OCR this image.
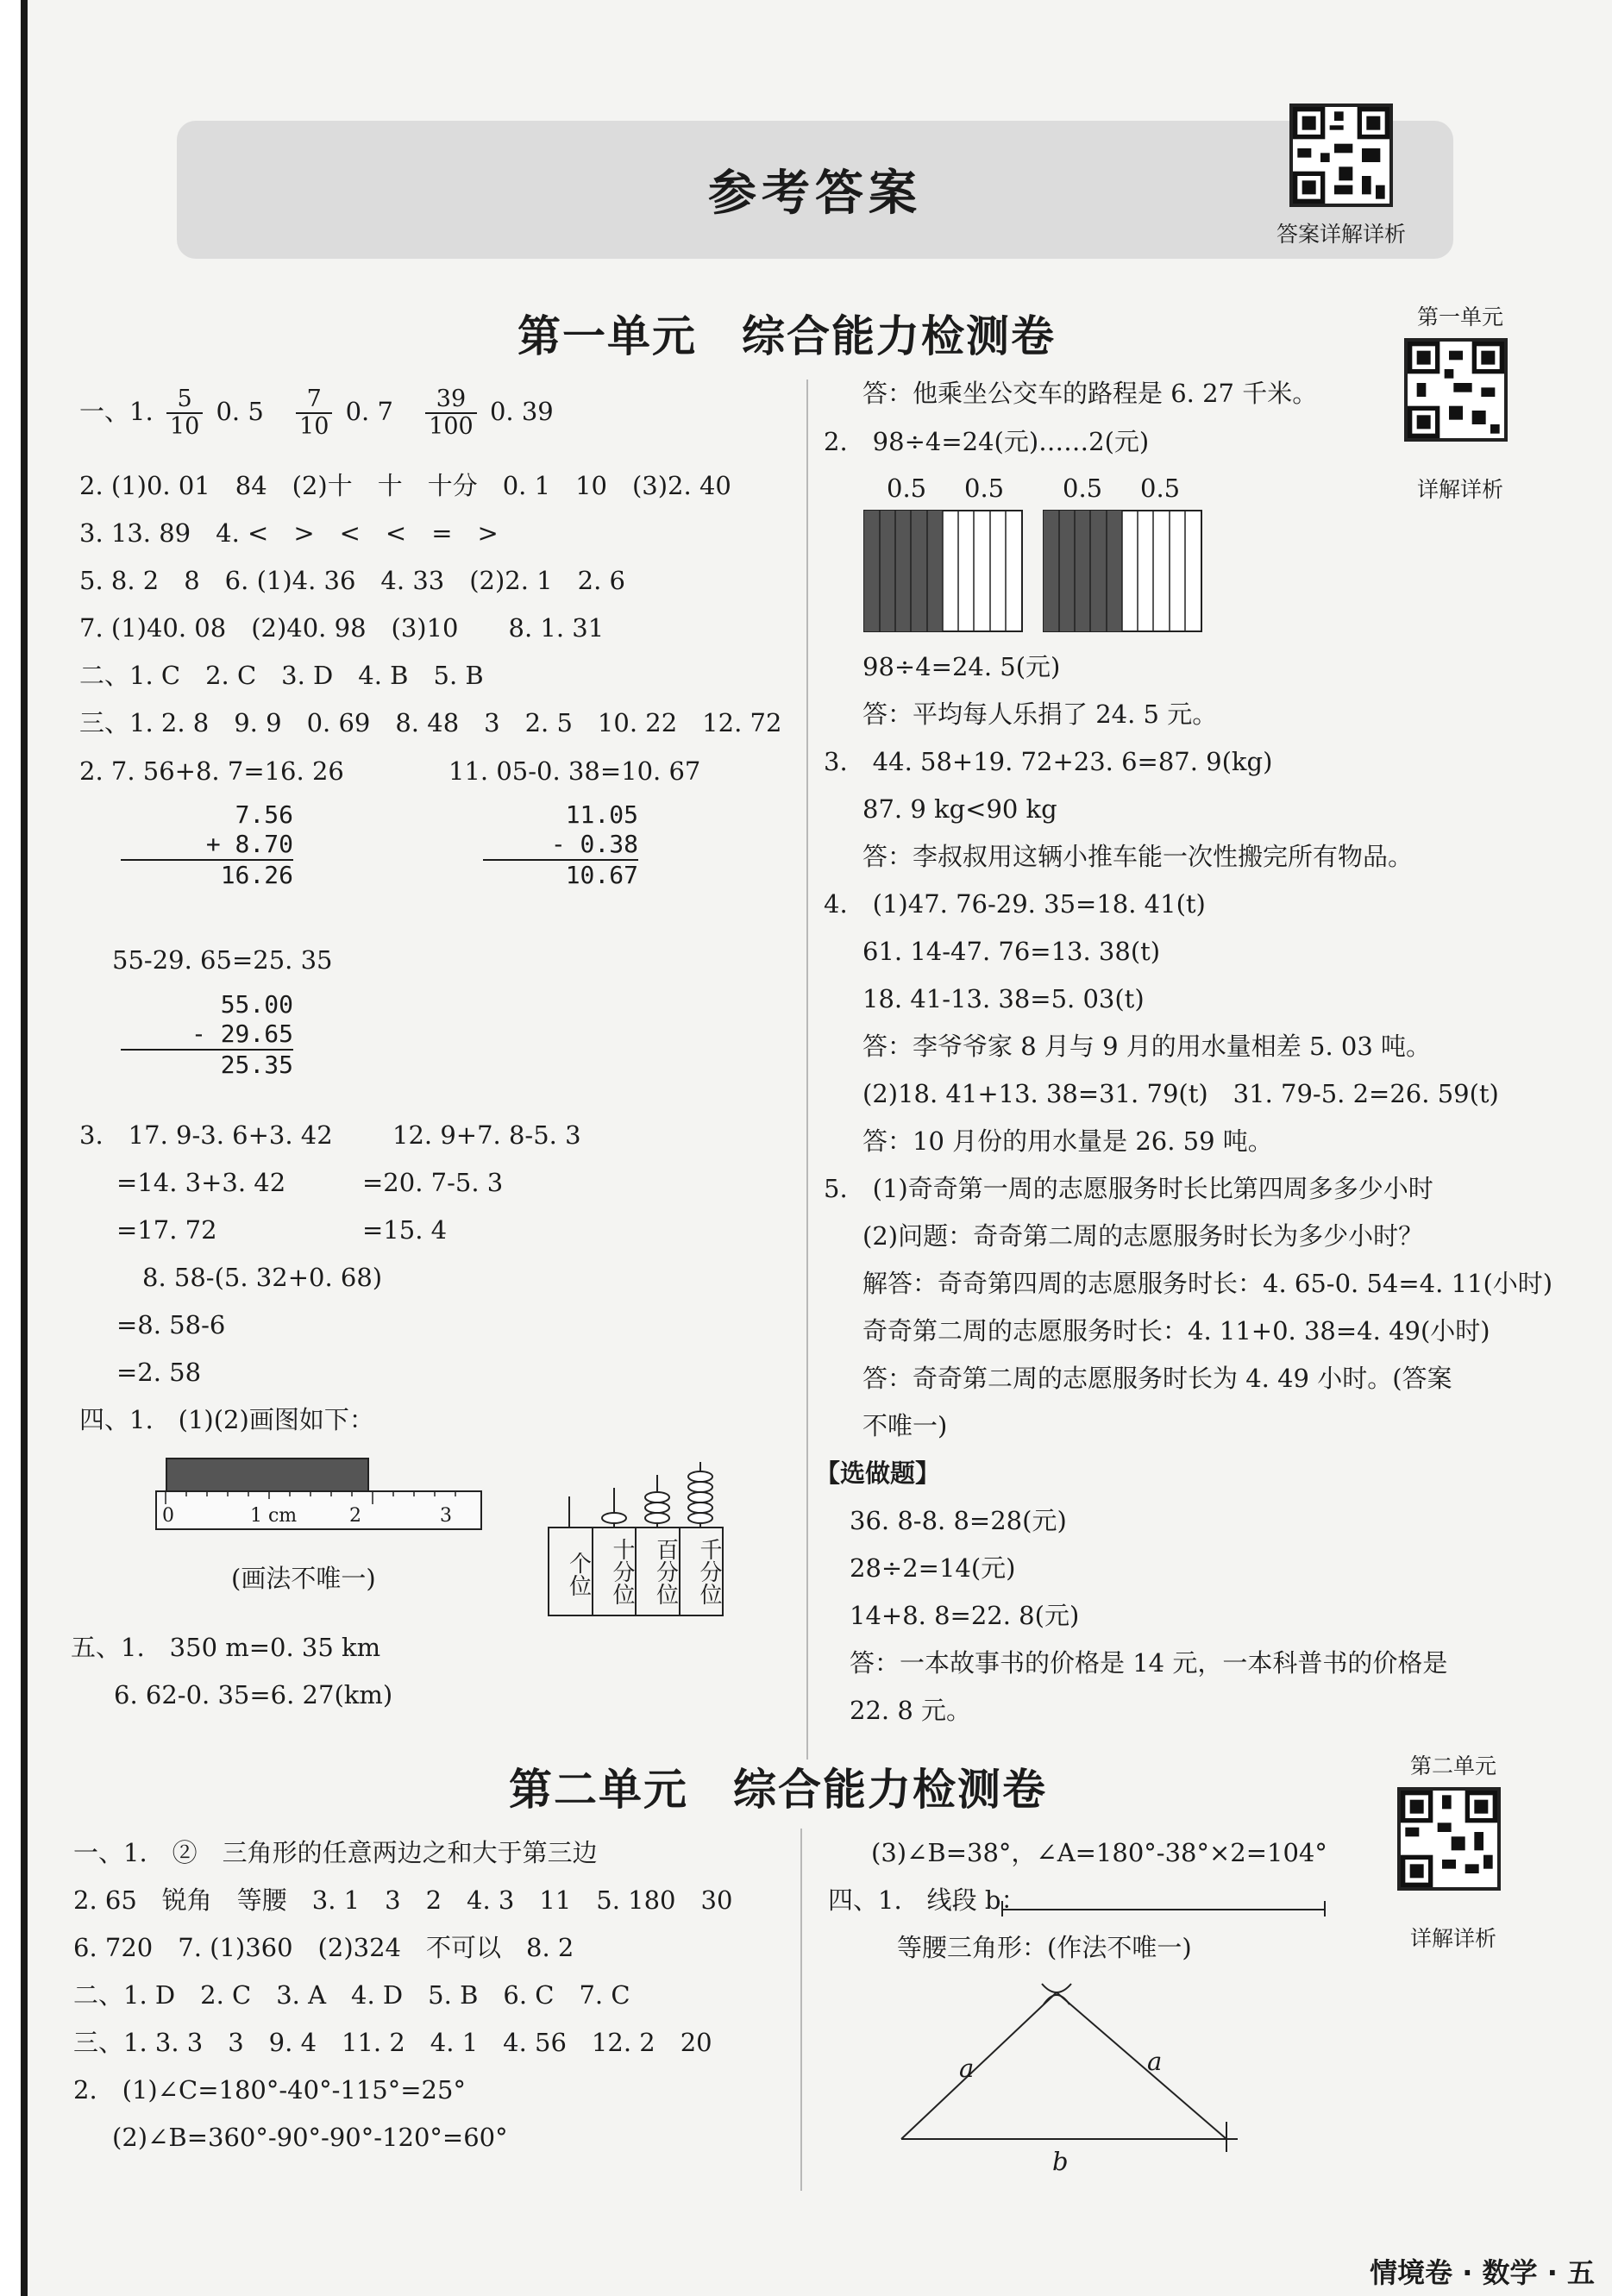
参考答案
答案详解详析
第一单元　综合能力检测卷	第一单元
详解详析
一、1. $\frac{5}{10} 0$. $5 \frac{7}{10} 0$. $7 \frac{39}{100} 0$. 39
2. (1)0. 01　84　(2)十　十　十分　0. 1　10　(3)2. 40
3. 13. 89　4. <　>　<　<　=　>
5. 8. 2　8　6. (1)4. 36　4. 33　(2)2. 1　2. 6
7. (1)40. 08　(2)40. 98　(3)10　　8. 1. 31
二、1. C　2. C　3. D　4. B　5. B
三、1. 2. 8　9. 9　0. 69　8. 48　3　2. 5　10. 22　12. 72
2. 7. 56+8. 7=16. 26	11. 05-0. 38=10. 67
7.56
+ 8.70
16.26
11.05
- 0.38
10.67
55-29. 65=25. 35
55.00
- 29.65
25.35
3.　17. 9-3. 6+3. 42 12. 9+7. 8-5. 3
=14. 3+3. 42	=20. 7-5. 3
=17. 72	=15. 4
8. 58-(5. 32+0. 68)
=8. 58-6
=2. 58
四、1.　(1)(2)画图如下：
0	1 cm	2	3
(画法不唯一)	个位 十分位 百分位 千分位
五、1.　350 m=0. 35 km
6. 62-0. 35=6. 27(km)
答：他乘坐公交车的路程是 6. 27 千米。
2.　98÷4=24(元)……2(元)
0.5 0.5 0.5 0.5
98÷4=24. 5(元)
答：平均每人乐捐了 24. 5 元。
3.　44. 58+19. 72+23. 6=87. 9(kg)
87. 9 kg<90 kg
答：李叔叔用这辆小推车能一次性搬完所有物品。
4.　(1)47. 76-29. 35=18. 41(t)
61. 14-47. 76=13. 38(t)
18. 41-13. 38=5. 03(t)
答：李爷爷家 8 月与 9 月的用水量相差 5. 03 吨。
(2)18. 41+13. 38=31. 79(t)　31. 79-5. 2=26. 59(t)
答：10 月份的用水量是 26. 59 吨。
5.　(1)奇奇第一周的志愿服务时长比第四周多多少小时
(2)问题：奇奇第二周的志愿服务时长为多少小时？
解答：奇奇第四周的志愿服务时长：4. 65-0. 54=4. 11(小时)
奇奇第二周的志愿服务时长：4. 11+0. 38=4. 49(小时)
答：奇奇第二周的志愿服务时长为 4. 49 小时。(答案
不唯一)
【选做题】
36. 8-8. 8=28(元)
28÷2=14(元)
14+8. 8=22. 8(元)
答：一本故事书的价格是 14 元，一本科普书的价格是
22. 8 元。
第二单元　综合能力检测卷	第二单元
详解详析
一、1.　②　三角形的任意两边之和大于第三边
2. 65　锐角　等腰　3. 1　3　2　4. 3　11　5. 180　30
6. 720　7. (1)360　(2)324　不可以　8. 2
二、1. D　2. C　3. A　4. D　5. B　6. C　7. C
三、1. 3. 3　3　9. 4　11. 2　4. 1　4. 56　12. 2　20
2.　(1)∠C=180°-40°-115°=25°
(2)∠B=360°-90°-90°-120°=60°
(3)∠B=38°，∠A=180°-38°×2=104°
四、1.　线段 b：
等腰三角形：(作法不唯一)
a	a
b
情境卷 · 数学 · 五
